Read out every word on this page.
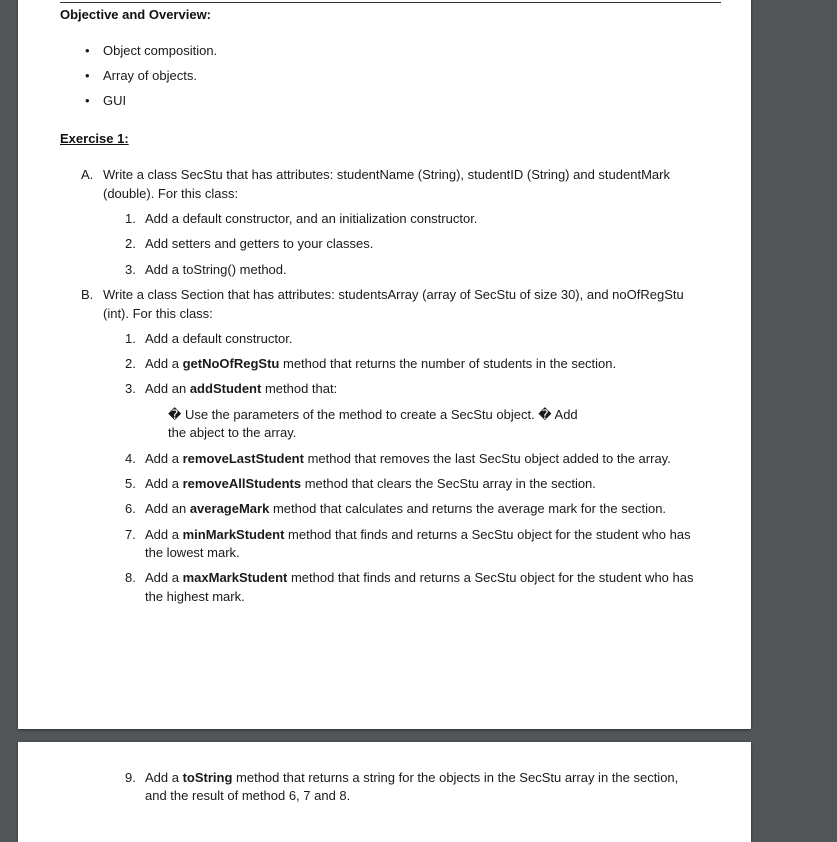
Objective and Overview:
• Object composition.
• Array of objects.
• GUI
Exercise 1:
A. Write a class SecStu that has attributes: studentName (String), studentID (String) and studentMark
(double). For this class:
1. Add a default constructor, and an initialization constructor.
2. Add setters and getters to your classes.
3. Add a toString() method.
B. Write a class Section that has attributes: studentsArray (array of SecStu of size 30), and noOfRegStu
(int). For this class:
1. Add a default constructor.
2. Add a getNoOfRegStu method that returns the number of students in the section.
3. Add an addStudent method that:
� Use the parameters of the method to create a SecStu object. � Add
the abject to the array.
4. Add a removeLastStudent method that removes the last SecStu object added to the array.
5. Add a removeAllStudents method that clears the SecStu array in the section.
6. Add an averageMark method that calculates and returns the average mark for the section.
7. Add a minMarkStudent method that finds and returns a SecStu object for the student who has
the lowest mark.
8. Add a maxMarkStudent method that finds and returns a SecStu object for the student who has
the highest mark.
9. Add a toString method that returns a string for the objects in the SecStu array in the section,
and the result of method 6, 7 and 8.
